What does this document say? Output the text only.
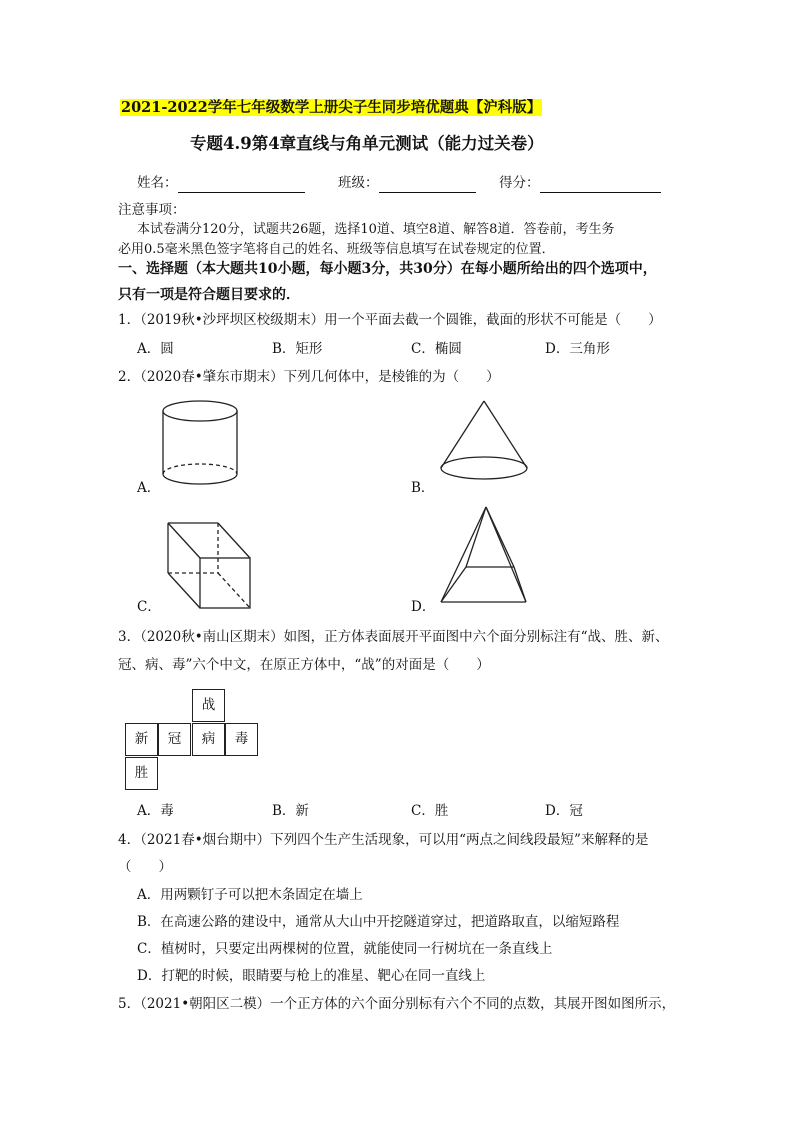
2021-2022学年七年级数学上册尖子生同步培优题典【沪科版】
专题4.9第4章直线与角单元测试（能力过关卷）
姓名：	班级：	得分：
注意事项：
本试卷满分120分，试题共26题，选择10道、填空8道、解答8道．答卷前，考生务
必用0.5毫米黑色签字笔将自己的姓名、班级等信息填写在试卷规定的位置．
一、选择题（本大题共10小题，每小题3分，共30分）在每小题所给出的四个选项中，
只有一项是符合题目要求的．
1．（2019秋•沙坪坝区校级期末）用一个平面去截一个圆锥，截面的形状不可能是（　　）
A．圆	B．矩形	C．椭圆	D．三角形
2．（2020春•肇东市期末）下列几何体中，是棱锥的为（　　）
A．	B．
C．	D．
3．（2020秋•南山区期末）如图，正方体表面展开平面图中六个面分别标注有“战、胜、新、
冠、病、毒”六个中文，在原正方体中，“战”的对面是（　　）
战
新	冠	病	毒
胜
A．毒	B．新	C．胜	D．冠
4．（2021春•烟台期中）下列四个生产生活现象，可以用“两点之间线段最短”来解释的是
（　　）
A．用两颗钉子可以把木条固定在墙上
B．在高速公路的建设中，通常从大山中开挖隧道穿过，把道路取直，以缩短路程
C．植树时，只要定出两棵树的位置，就能使同一行树坑在一条直线上
D．打靶的时候，眼睛要与枪上的准星、靶心在同一直线上
5．（2021•朝阳区二模）一个正方体的六个面分别标有六个不同的点数，其展开图如图所示，
